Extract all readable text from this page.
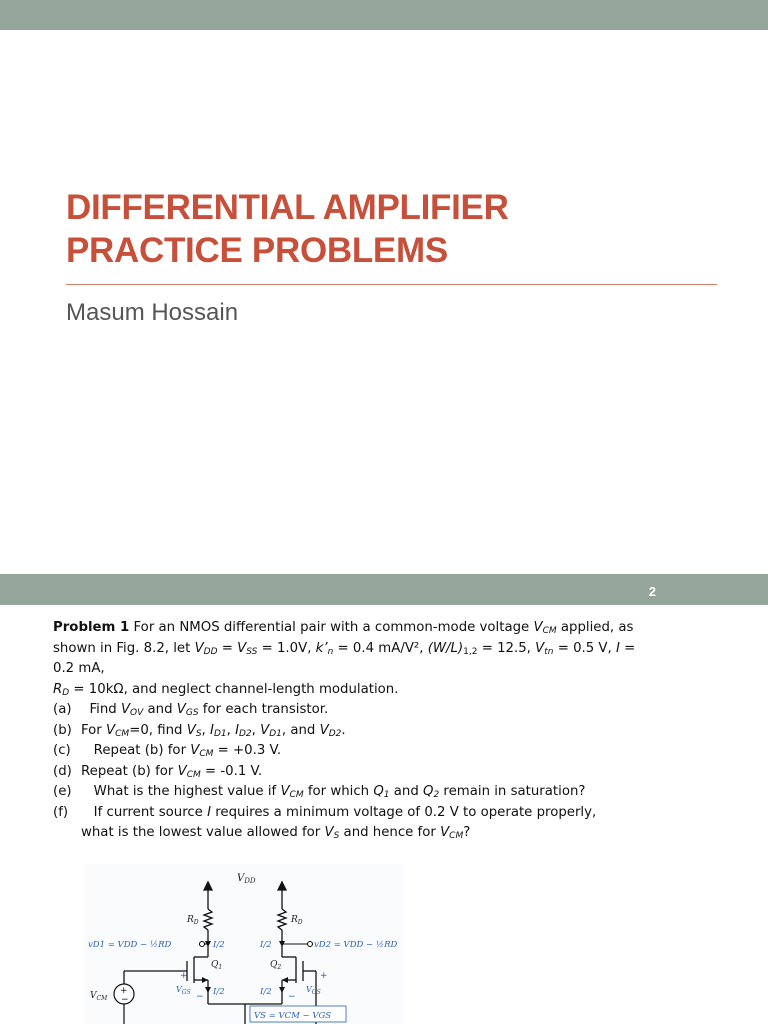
DIFFERENTIAL AMPLIFIER
PRACTICE PROBLEMS
Masum Hossain
2

Problem 1 For an NMOS differential pair with a common-mode voltage $V_{CM}$ applied, as shown in Fig. 8.2, let $V_{DD} = V_{SS} = 1.0V$, $k’_n = 0.4$ mA/V², $(W/L)_{1,2} = 12.5$, $V_{tn} = 0.5$ V, I = 0.2 mA,

$R_D = 10k\Omega$, and neglect channel-length modulation.

(a) Find $V_{OV}$ and $V_{GS}$ for each transistor.

(b) For $V_{CM}=0$, find $V_S$, $I_{D1}$, $I_{D2}$, $V_{D1}$, and $V_{D2}$.

(c) Repeat (b) for $V_{CM} = +0.3$ V.

(d) Repeat (b) for $V_{CM} = -0.1$ V.

(e) What is the highest value if $V_{CM}$ for which $Q_1$ and $Q_2$ remain in saturation?

(f) If current source I requires a minimum voltage of 0.2 V to operate properly,

what is the lowest value allowed for $V_S$ and hence for $V_{CM}$?

$V_{DD}$
$R_D$	$R_D$
vD1 = VDD − ½RD	vD2 = VDD − ½RD
I/2	I/2
$Q_1$	$Q_2$
+
$V_{GS}$ −
+
$V_{GS}$
−
I/2	I/2
+
−
$V_{CM}$
VS = VCM − VGS
